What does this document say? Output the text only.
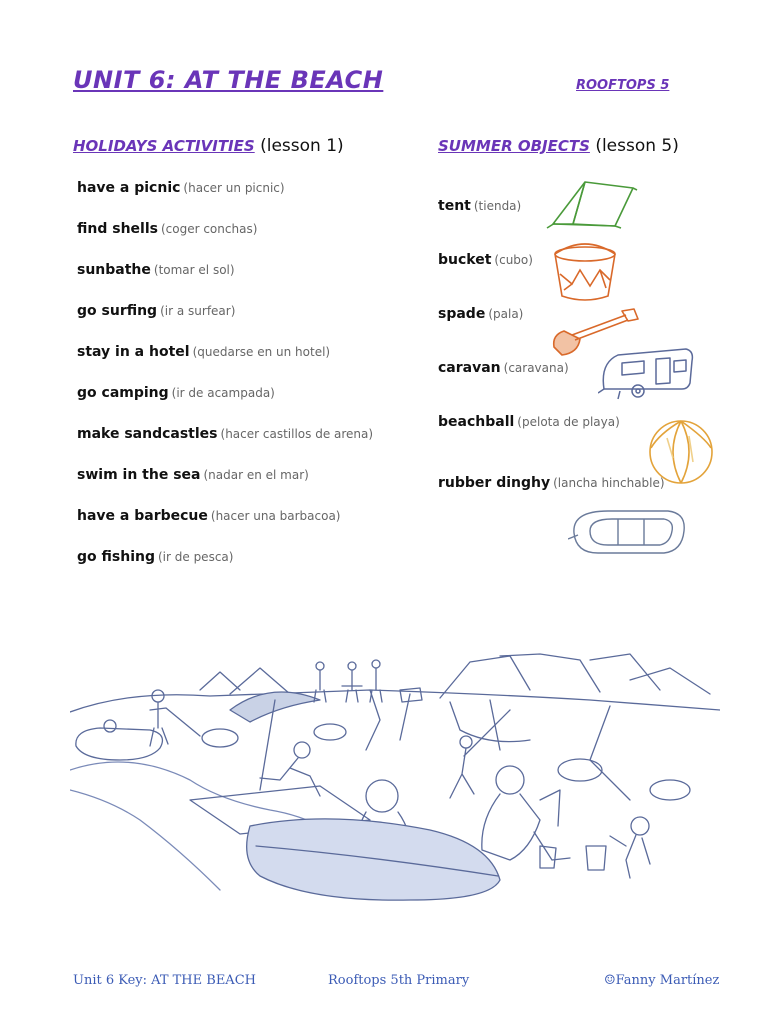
UNIT 6: AT THE BEACH	ROOFTOPS 5
HOLIDAYS ACTIVITIES (lesson 1)	SUMMER OBJECTS (lesson 5)
have a picnic (hacer un picnic)
find shells (coger conchas)
sunbathe (tomar el sol)
go surfing (ir a surfear)
stay in a hotel (quedarse en un hotel)
go camping (ir de acampada)
make sandcastles (hacer castillos de arena)
swim in the sea (nadar en el mar)
have a barbecue (hacer una barbacoa)
go fishing (ir de pesca)
tent (tienda)
bucket (cubo)
spade (pala)
caravan (caravana)
beachball (pelota de playa)
rubber dinghy (lancha hinchable)
Unit 6 Key: AT THE BEACH	Rooftops 5th Primary	☺Fanny Martínez
